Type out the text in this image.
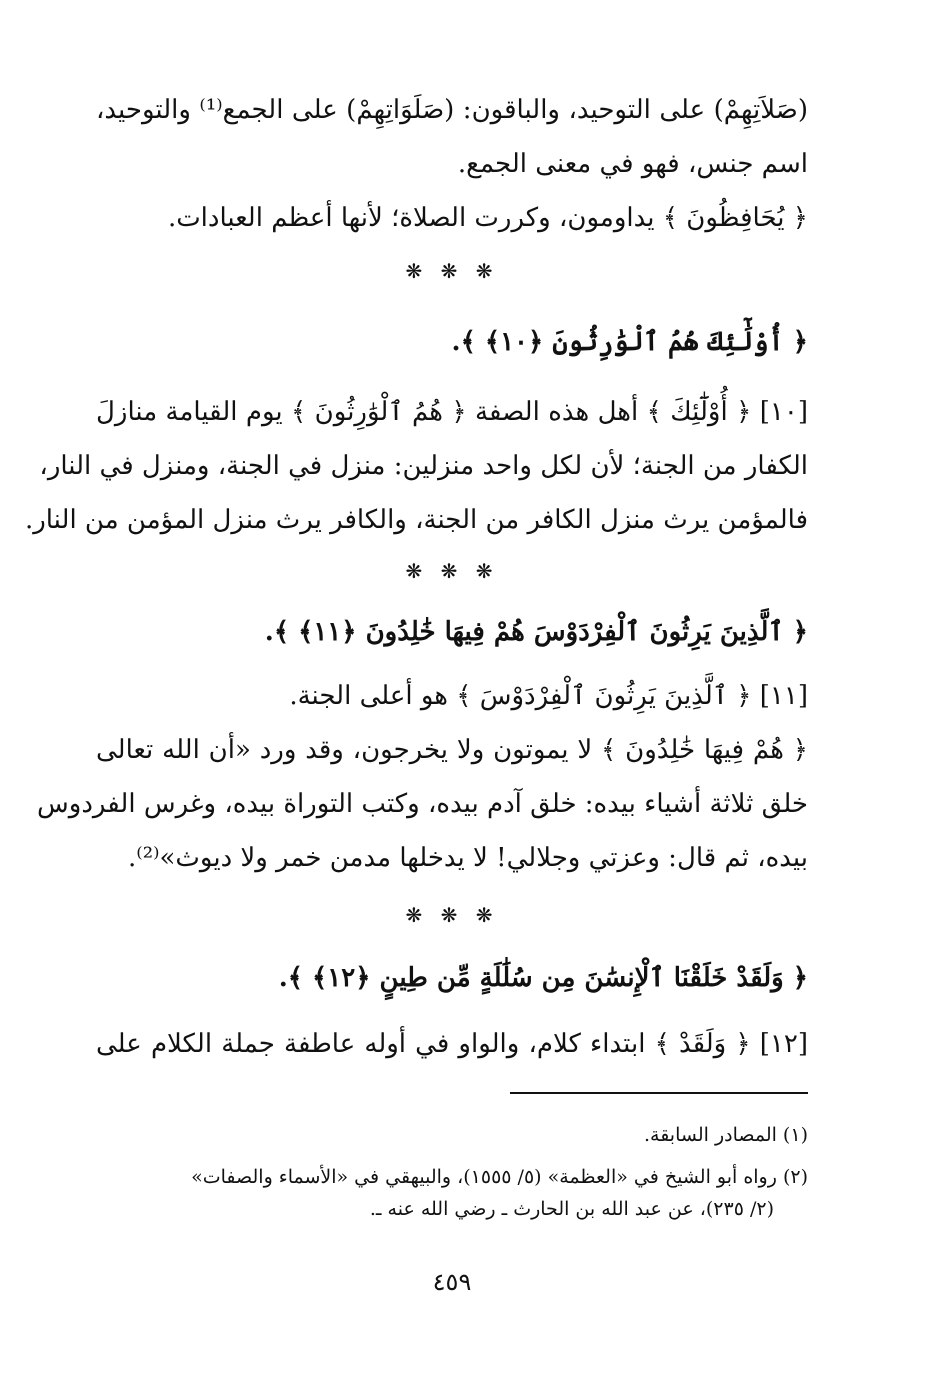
(صَلاَتِهِمْ) على التوحيد، والباقون: (صَلَوَاتِهِمْ) على الجمع⁽¹⁾ والتوحيد،
اسم جنس، فهو في معنى الجمع.
﴿ يُحَافِظُونَ ﴾ يداومون، وكررت الصلاة؛ لأنها أعظم العبادات.
❋ ❋ ❋
﴿ أُوْلَٰٓئِكَ هُمُ ٱلْوَٰرِثُونَ ﴿١٠﴾ ﴾.
[١٠] ﴿ أُوْلَٰٓئِكَ ﴾ أهل هذه الصفة ﴿ هُمُ ٱلْوَٰرِثُونَ ﴾ يوم القيامة منازلَ
الكفار من الجنة؛ لأن لكل واحد منزلين: منزل في الجنة، ومنزل في النار،
فالمؤمن يرث منزل الكافر من الجنة، والكافر يرث منزل المؤمن من النار.
❋ ❋ ❋
﴿ ٱلَّذِينَ يَرِثُونَ ٱلْفِرْدَوْسَ هُمْ فِيهَا خَٰلِدُونَ ﴿١١﴾ ﴾.
[١١] ﴿ ٱلَّذِينَ يَرِثُونَ ٱلْفِرْدَوْسَ ﴾ هو أعلى الجنة.
﴿ هُمْ فِيهَا خَٰلِدُونَ ﴾ لا يموتون ولا يخرجون، وقد ورد «أن الله تعالى
خلق ثلاثة أشياء بيده: خلق آدم بيده، وكتب التوراة بيده، وغرس الفردوس
بيده، ثم قال: وعزتي وجلالي! لا يدخلها مدمن خمر ولا ديوث»⁽²⁾.
❋ ❋ ❋
﴿ وَلَقَدْ خَلَقْنَا ٱلْإِنسَٰنَ مِن سُلَٰلَةٍ مِّن طِينٍ ﴿١٢﴾ ﴾.
[١٢] ﴿ وَلَقَدْ ﴾ ابتداء كلام، والواو في أوله عاطفة جملة الكلام على
(١) المصادر السابقة.
(٢) رواه أبو الشيخ في «العظمة» (٥/ ١٥٥٥)، والبيهقي في «الأسماء والصفات»
(٢/ ٢٣٥)، عن عبد الله بن الحارث ـ رضي الله عنه ـ.
٤٥٩
